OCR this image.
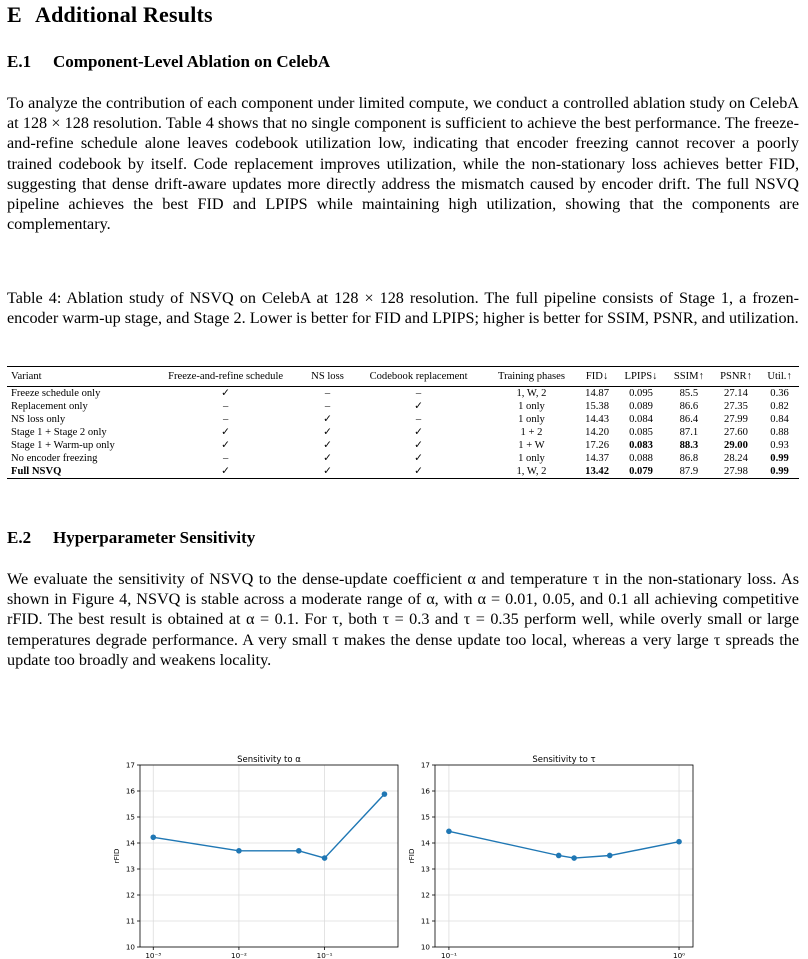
E Additional Results
E.1 Component-Level Ablation on CelebA

To analyze the contribution of each component under limited compute, we conduct a controlled ablation study on CelebA at 128 × 128 resolution. Table 4 shows that no single component is sufficient to achieve the best performance. The freeze-and-refine schedule alone leaves codebook utilization low, indicating that encoder freezing cannot recover a poorly trained codebook by itself. Code replacement improves utilization, while the non-stationary loss achieves better FID, suggesting that dense drift-aware updates more directly address the mismatch caused by encoder drift. The full NSVQ pipeline achieves the best FID and LPIPS while maintaining high utilization, showing that the components are complementary.

Table 4: Ablation study of NSVQ on CelebA at 128 × 128 resolution. The full pipeline consists of Stage 1, a frozen-encoder warm-up stage, and Stage 2. Lower is better for FID and LPIPS; higher is better for SSIM, PSNR, and utilization.

Variant	Freeze-and-refine schedule	NS loss	Codebook replacement	Training phases	FID↓	LPIPS↓	SSIM↑	PSNR↑	Util.↑
Freeze schedule only	✓	–	–	1, W, 2	14.87	0.095	85.5	27.14	0.36
Replacement only	–	–	✓	1 only	15.38	0.089	86.6	27.35	0.82
NS loss only	–	✓	–	1 only	14.43	0.084	86.4	27.99	0.84
Stage 1 + Stage 2 only	✓	✓	✓	1 + 2	14.20	0.085	87.1	27.60	0.88
Stage 1 + Warm-up only	✓	✓	✓	1 + W	17.26	0.083	88.3	29.00	0.93
No encoder freezing	–	✓	✓	1 only	14.37	0.088	86.8	28.24	0.99
Full NSVQ	✓	✓	✓	1, W, 2	13.42	0.079	87.9	27.98	0.99
E.2 Hyperparameter Sensitivity

We evaluate the sensitivity of NSVQ to the dense-update coefficient α and temperature τ in the non-stationary loss. As shown in Figure 4, NSVQ is stable across a moderate range of α, with α = 0.01, 0.05, and 0.1 all achieving competitive rFID. The best result is obtained at α = 0.1. For τ, both τ = 0.3 and τ = 0.35 perform well, while overly small or large temperatures degrade performance. A very small τ makes the dense update too local, whereas a very large τ spreads the update too broadly and weakens locality.

10
11
12
13
14
15
16
17
10⁻³	10⁻²	10⁻¹
Sensitivity to α
rFID
10
11
12
13
14
15
16
17
10⁻¹	10⁰
Sensitivity to τ
rFID
